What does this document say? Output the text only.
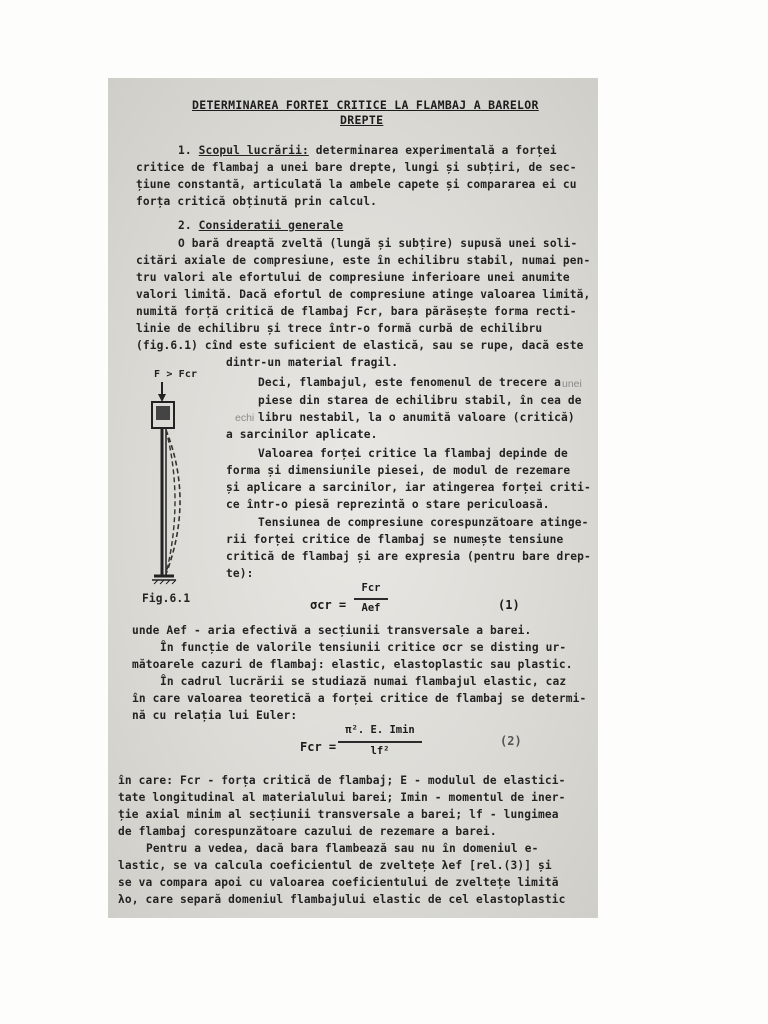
DETERMINAREA FORTEI CRITICE LA FLAMBAJ A BARELOR
DREPTE
1. Scopul lucrării: determinarea experimentală a forței
critice de flambaj a unei bare drepte, lungi și subțiri, de sec-
țiune constantă, articulată la ambele capete și compararea ei cu
forța critică obținută prin calcul.
2. Consideratii generale
O bară dreaptă zveltă (lungă și subțire) supusă unei soli-
citări axiale de compresiune, este în echilibru stabil, numai pen-
tru valori ale efortului de compresiune inferioare unei anumite
valori limită. Dacă efortul de compresiune atinge valoarea limită,
numită forță critică de flambaj Fcr, bara părăsește forma recti-
linie de echilibru și trece într-o formă curbă de echilibru
(fig.6.1) cînd este suficient de elastică, sau se rupe, dacă este
dintr-un material fragil.
F > Fcr
Deci, flambajul, este fenomenul de trecere a unei
piese din starea de echilibru stabil, în cea de
echi libru nestabil, la o anumită valoare (critică)
a sarcinilor aplicate.
Valoarea forței critice la flambaj depinde de
forma și dimensiunile piesei, de modul de rezemare
și aplicare a sarcinilor, iar atingerea forței criti-
ce într-o piesă reprezintă o stare periculoasă.
Tensiunea de compresiune corespunzătoare atinge-
rii forței critice de flambaj se numește tensiune
critică de flambaj și are expresia (pentru bare drep-
te):
Fig.6.1	σcr =
Fcr
Aef	(1)
unde Aef - aria efectivă a secțiunii transversale a barei.
În funcție de valorile tensiunii critice σcr se disting ur-
mătoarele cazuri de flambaj: elastic, elastoplastic sau plastic.
În cadrul lucrării se studiază numai flambajul elastic, caz
în care valoarea teoretică a forței critice de flambaj se determi-
nă cu relația lui Euler:
Fcr =
π². E. Imin
lf²
(2)
în care: Fcr - forța critică de flambaj; E - modulul de elastici-
tate longitudinal al materialului barei; Imin - momentul de iner-
ție axial minim al secțiunii transversale a barei; lf - lungimea
de flambaj corespunzătoare cazului de rezemare a barei.
Pentru a vedea, dacă bara flambează sau nu în domeniul e-
lastic, se va calcula coeficientul de zveltețe λef [rel.(3)] și
se va compara apoi cu valoarea coeficientului de zveltețe limită
λo, care separă domeniul flambajului elastic de cel elastoplastic
